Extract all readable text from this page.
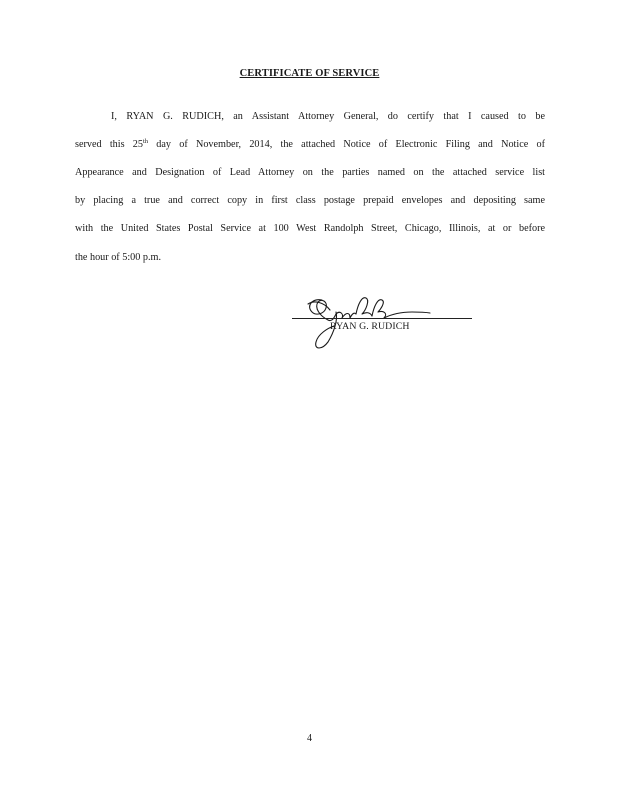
CERTIFICATE OF SERVICE
I, RYAN G. RUDICH, an Assistant Attorney General, do certify that I caused to be
served this 25th day of November, 2014, the attached Notice of Electronic Filing and Notice of
Appearance and Designation of Lead Attorney on the parties named on the attached service list
by placing a true and correct copy in first class postage prepaid envelopes and depositing same
with the United States Postal Service at 100 West Randolph Street, Chicago, Illinois, at or before
the hour of 5:00 p.m.
RYAN G. RUDICH
4
